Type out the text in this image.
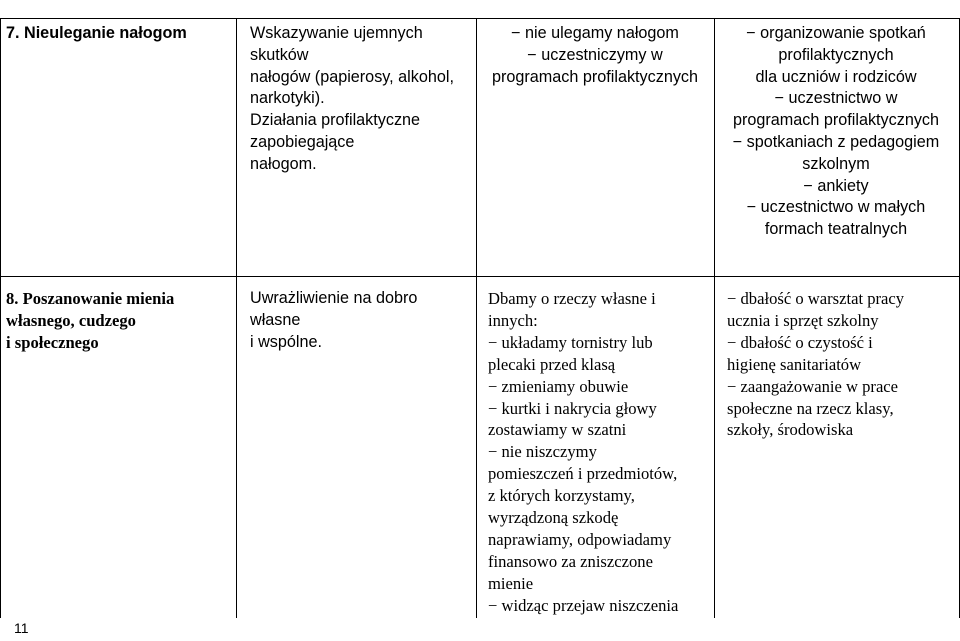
7. Nieuleganie nałogom	Wskazywanie ujemnych
skutków
nałogów (papierosy, alkohol,
narkotyki).
Działania profilaktyczne
zapobiegające
nałogom.
− nie ulegamy nałogom
− uczestniczymy w
programach profilaktycznych
− organizowanie spotkań
profilaktycznych
dla uczniów i rodziców
− uczestnictwo w
programach profilaktycznych
− spotkaniach z pedagogiem
szkolnym
− ankiety
− uczestnictwo w małych
formach teatralnych
8. Poszanowanie mienia
własnego, cudzego
i społecznego
Uwrażliwienie na dobro
własne
i wspólne.
Dbamy o rzeczy własne i
innych:
− układamy tornistry lub
plecaki przed klasą
− zmieniamy obuwie
− kurtki i nakrycia głowy
zostawiamy w szatni
− nie niszczymy
pomieszczeń i przedmiotów,
z których korzystamy,
wyrządzoną szkodę
naprawiamy, odpowiadamy
finansowo za zniszczone
mienie
− widząc przejaw niszczenia
− dbałość o warsztat pracy
ucznia i sprzęt szkolny
− dbałość o czystość i
higienę sanitariatów
− zaangażowanie w prace
społeczne na rzecz klasy,
szkoły, środowiska
11
